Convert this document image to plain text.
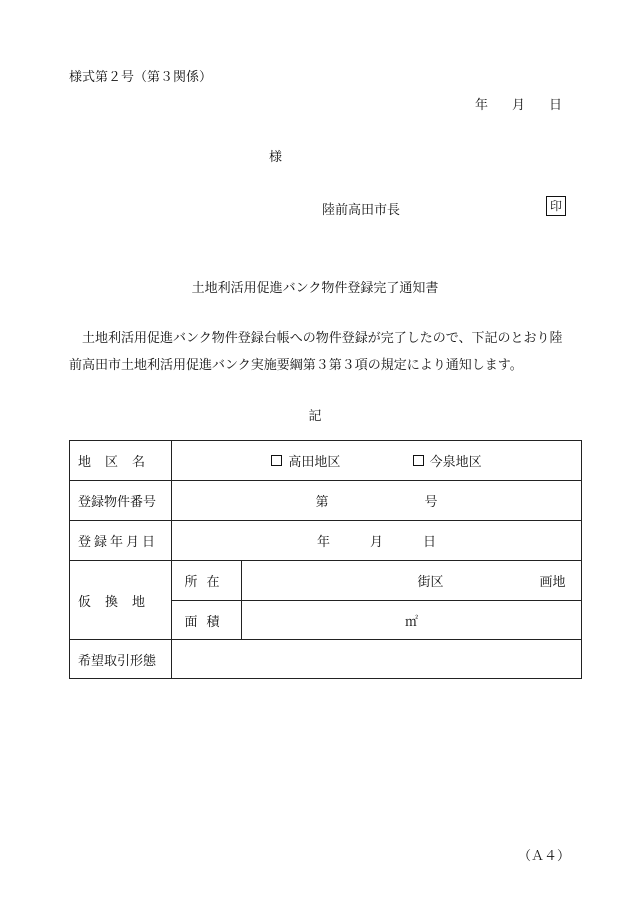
様式第２号（第３関係）
年 月 日
様
陸前高田市長	印
土地利活用促進バンク物件登録完了通知書

土地利活用促進バンク物件登録台帳への物件登録が完了したので、下記のとおり陸

前高田市土地利活用促進バンク実施要綱第３第３項の規定により通知します。

記
地区名	高田地区 今泉地区	
登録物件番号	第 号	
登録年月日	年 月 日	
仮換地	所在	街区 画地
	面積	㎡
希望取引形態		
（Ａ４）
